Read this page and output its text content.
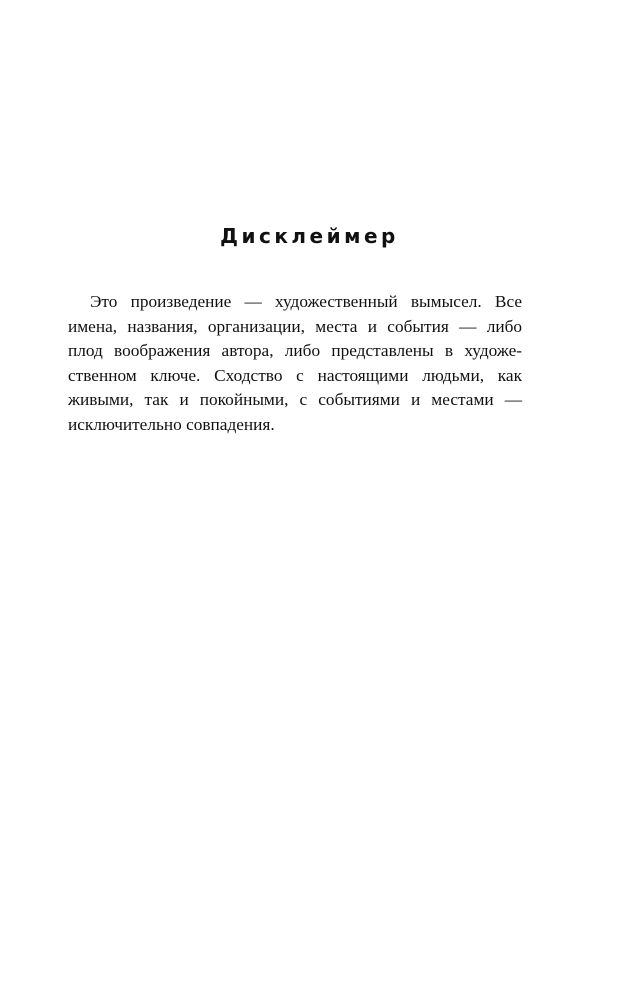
Дисклеймер

Это произведение — художественный вымысел. Все
имена, названия, организации, места и события — либо
плод воображения автора, либо представлены в художе-
ственном ключе. Сходство с настоящими людьми, как
живыми, так и покойными, с событиями и местами —
исключительно совпадения.
